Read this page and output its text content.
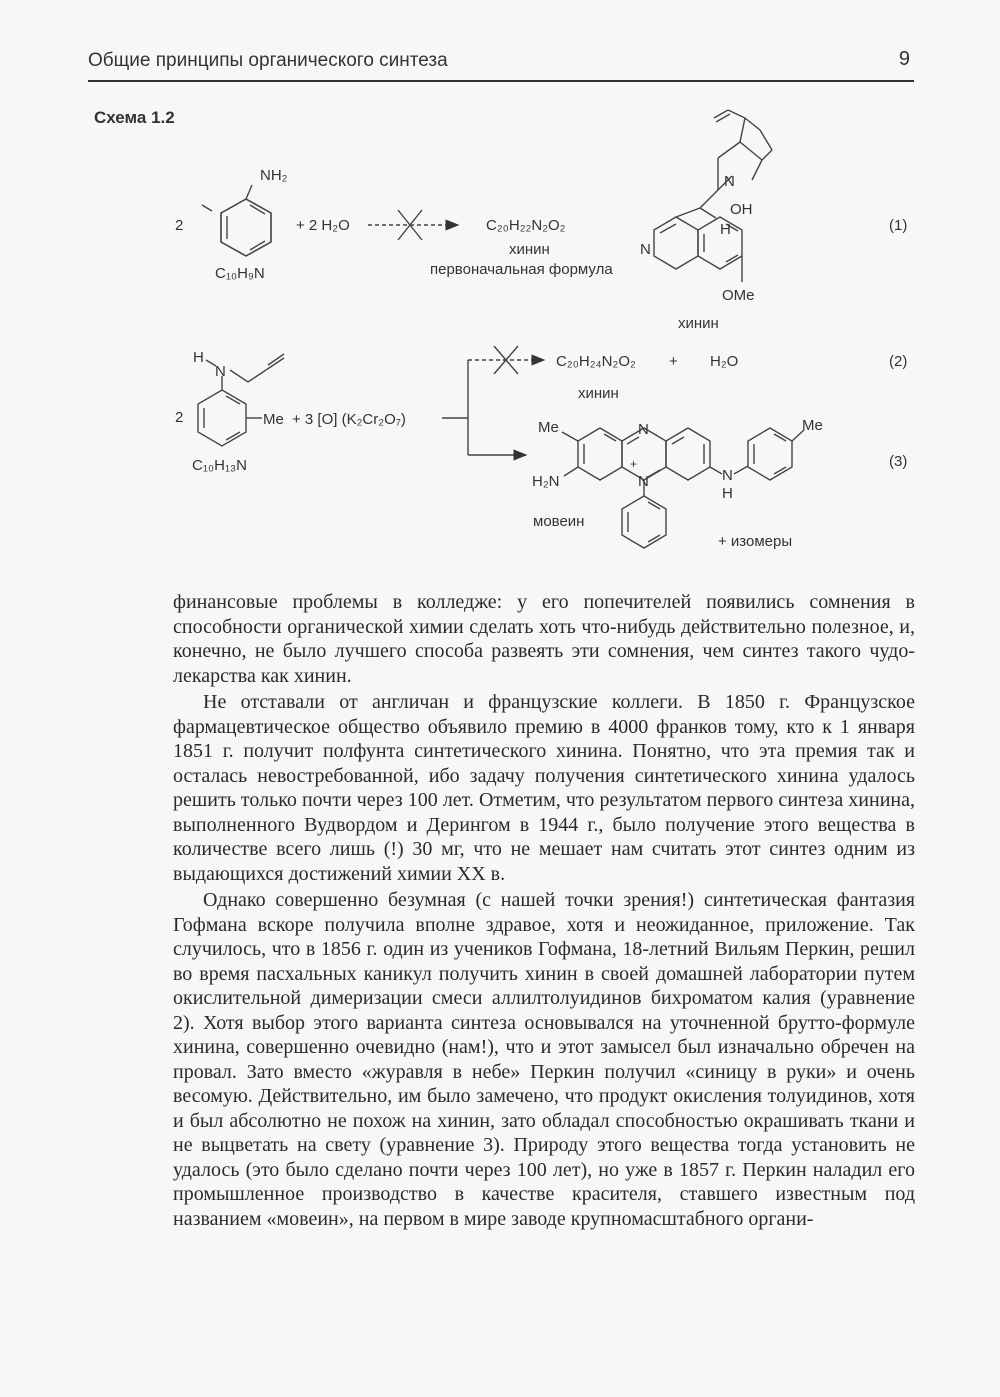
Общие принципы органического синтеза	9
Схема 1.2
2
NH₂
C₁₀H₉N
+ 2 H₂O	C₂₀H₂₂N₂O₂
хинин
первоначальная формула
N
OH
H
N
OMe
хинин
(1)
H
N
2	Me + 3 [O] (K₂Cr₂O₇)
C₁₀H₁₃N
C₂₀H₂₄N₂O₂ + H₂O
хинин
(2)
Me	N	Me
+
N
H₂N	N
H
мовеин
+ изомеры
(3)

финансовые проблемы в колледже: у его попечителей появились сомнения в способности органической химии сделать хоть что-нибудь действительно полезное, и, конечно, не было лучшего способа развеять эти сомнения, чем синтез такого чудо-лекарства как хинин.

Не отставали от англичан и французские коллеги. В 1850 г. Французское фармацевтическое общество объявило премию в 4000 франков тому, кто к 1 января 1851 г. получит полфунта синтетического хинина. Понятно, что эта премия так и осталась невостребованной, ибо задачу получения синтетического хинина удалось решить только почти через 100 лет. Отметим, что результатом первого синтеза хинина, выполненного Вудвордом и Дерингом в 1944 г., было получение этого вещества в количестве всего лишь (!) 30 мг, что не мешает нам считать этот синтез одним из выдающихся достижений химии XX в.

Однако совершенно безумная (с нашей точки зрения!) синтетическая фантазия Гофмана вскоре получила вполне здравое, хотя и неожиданное, приложение. Так случилось, что в 1856 г. один из учеников Гофмана, 18-летний Вильям Перкин, решил во время пасхальных каникул получить хинин в своей домашней лаборатории путем окислительной димеризации смеси аллилтолуидинов бихроматом калия (уравнение 2). Хотя выбор этого варианта синтеза основывался на уточненной брутто-формуле хинина, совершенно очевидно (нам!), что и этот замысел был изначально обречен на провал. Зато вместо «журавля в небе» Перкин получил «синицу в руки» и очень весомую. Действительно, им было замечено, что продукт окисления толуидинов, хотя и был абсолютно не похож на хинин, зато обладал способностью окрашивать ткани и не выцветать на свету (уравнение 3). Природу этого вещества тогда установить не удалось (это было сделано почти через 100 лет), но уже в 1857 г. Перкин наладил его промышленное производство в качестве красителя, ставшего известным под названием «мовеин», на первом в мире заводе крупномасштабного органи-
